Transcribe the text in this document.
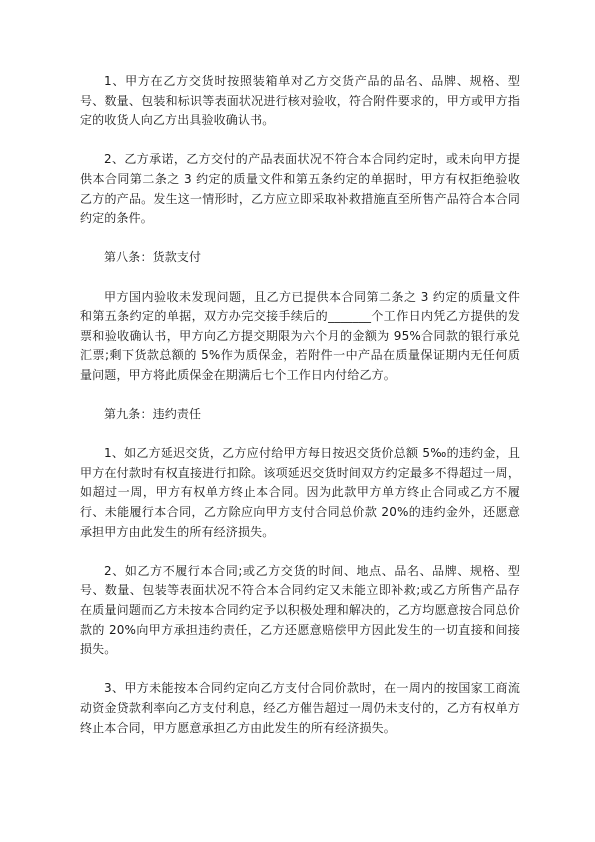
1、甲方在乙方交货时按照装箱单对乙方交货产品的品名、品牌、规格、型号、数量、包装和标识等表面状况进行核对验收，符合附件要求的，甲方或甲方指定的收货人向乙方出具验收确认书。

2、乙方承诺，乙方交付的产品表面状况不符合本合同约定时，或未向甲方提供本合同第二条之 3 约定的质量文件和第五条约定的单据时，甲方有权拒绝验收乙方的产品。发生这一情形时，乙方应立即采取补救措施直至所售产品符合本合同约定的条件。

第八条：货款支付

甲方国内验收未发现问题，且乙方已提供本合同第二条之 3 约定的质量文件和第五条约定的单据，双方办完交接手续后的_______个工作日内凭乙方提供的发票和验收确认书，甲方向乙方提交期限为六个月的金额为 95%合同款的银行承兑汇票;剩下货款总额的 5%作为质保金，若附件一中产品在质量保证期内无任何质量问题，甲方将此质保金在期满后七个工作日内付给乙方。

第九条：违约责任

1、如乙方延迟交货，乙方应付给甲方每日按迟交货价总额 5‰的违约金，且甲方在付款时有权直接进行扣除。该项延迟交货时间双方约定最多不得超过一周，如超过一周，甲方有权单方终止本合同。因为此款甲方单方终止合同或乙方不履行、未能履行本合同，乙方除应向甲方支付合同总价款 20%的违约金外，还愿意承担甲方由此发生的所有经济损失。

2、如乙方不履行本合同;或乙方交货的时间、地点、品名、品牌、规格、型号、数量、包装等表面状况不符合本合同约定又未能立即补救;或乙方所售产品存在质量问题而乙方未按本合同约定予以积极处理和解决的，乙方均愿意按合同总价款的 20%向甲方承担违约责任，乙方还愿意赔偿甲方因此发生的一切直接和间接损失。

3、甲方未能按本合同约定向乙方支付合同价款时，在一周内的按国家工商流动资金贷款利率向乙方支付利息，经乙方催告超过一周仍未支付的，乙方有权单方终止本合同，甲方愿意承担乙方由此发生的所有经济损失。
